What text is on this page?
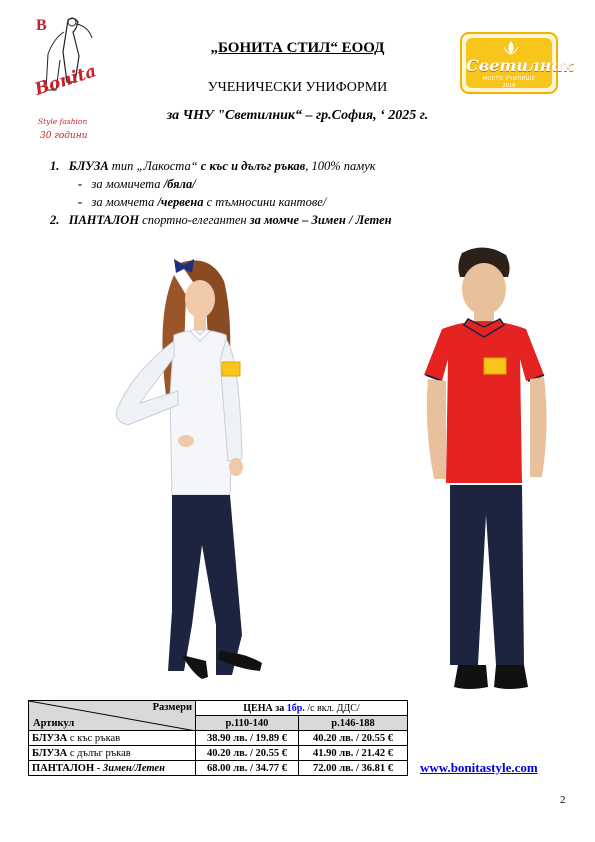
B
Bonita
Style fashion
30 години
Светилник
МОЕТО УЧИЛИЩЕ
2018
„БОНИТА СТИЛ“ ЕООД
УЧЕНИЧЕСКИ УНИФОРМИ
за ЧНУ "Светилник“ – гр.София, ‘ 2025 г.
1. БЛУЗА тип „Лакоста“ с къс и дълъг ръкав, 100% памук
- за момичета /бяла/
- за момчета /червена с тъмносини кантове/
2. ПАНТАЛОН спортно-елегантен за момче – Зимен / Летен
Размери
Артикул	ЦЕНА за 1бр. /с вкл. ДДС/	
	р.110-140	р.146-188
БЛУЗА с къс ръкав	38.90 лв. / 19.89 €	40.20 лв. / 20.55 €
БЛУЗА с дълъг ръкав	40.20 лв. / 20.55 €	41.90 лв. / 21.42 €
ПАНТАЛОН - Зимен/Летен	68.00 лв. / 34.77 €	72.00 лв. / 36.81 € www.bonitastyle.com
2
